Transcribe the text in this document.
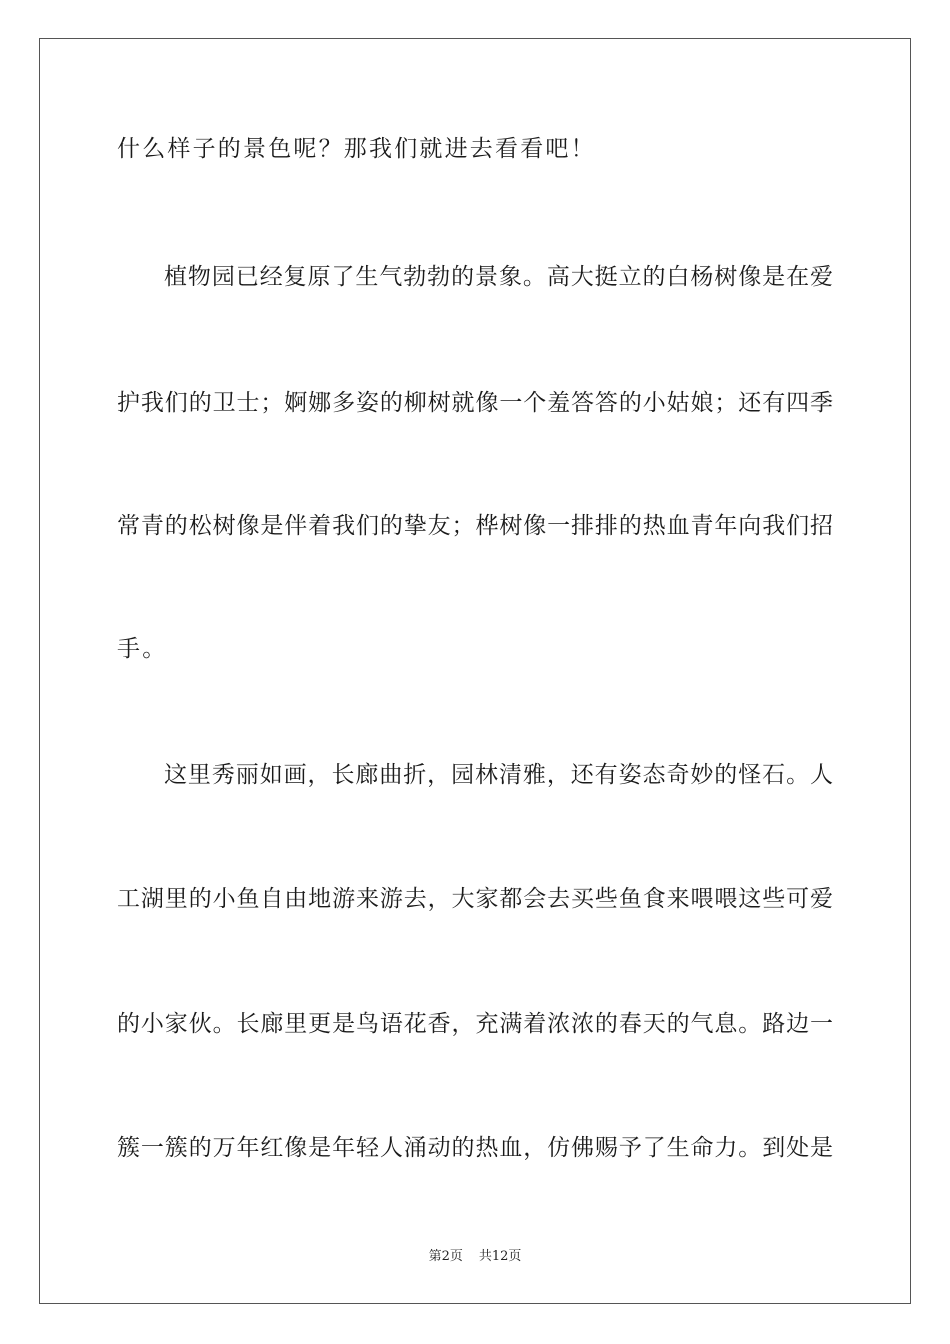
什么样子的景色呢？那我们就进去看看吧！
植物园已经复原了生气勃勃的景象。高大挺立的白杨树像是在爱
护我们的卫士；婀娜多姿的柳树就像一个羞答答的小姑娘；还有四季
常青的松树像是伴着我们的挚友；桦树像一排排的热血青年向我们招
手。
这里秀丽如画，长廊曲折，园林清雅，还有姿态奇妙的怪石。人
工湖里的小鱼自由地游来游去，大家都会去买些鱼食来喂喂这些可爱
的小家伙。长廊里更是鸟语花香，充满着浓浓的春天的气息。路边一
簇一簇的万年红像是年轻人涌动的热血，仿佛赐予了生命力。到处是
第2页 共12页
